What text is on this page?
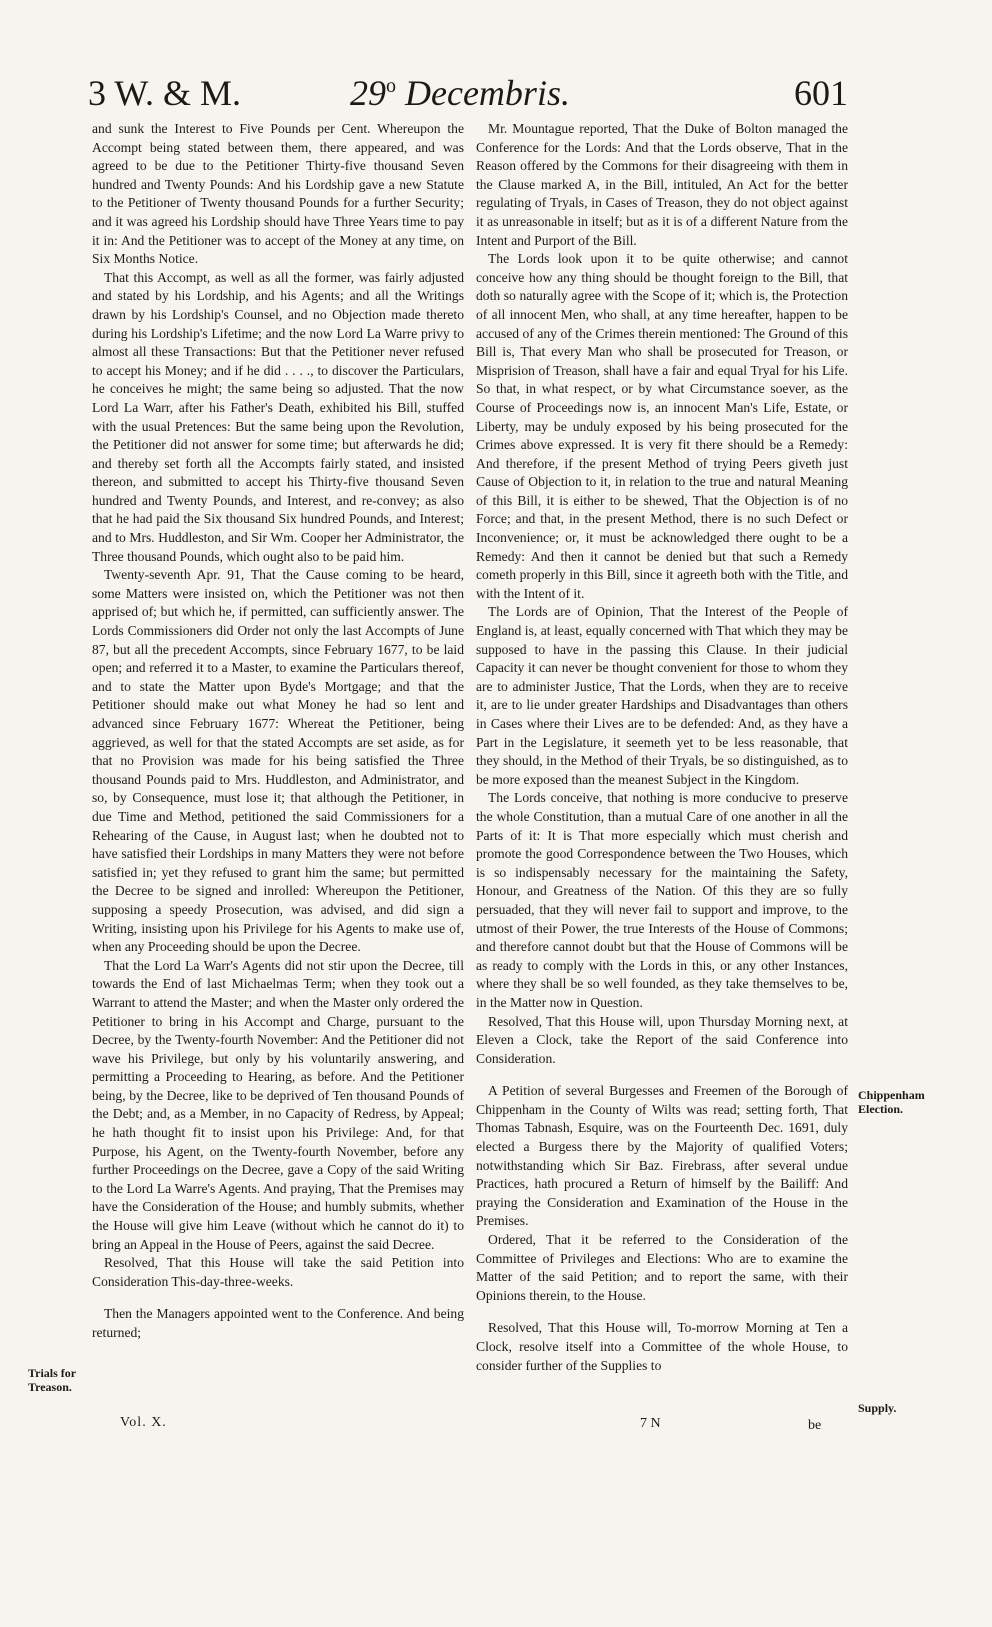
3 W. & M.	29$^o$ Decembris.	601

and sunk the Interest to Five Pounds per Cent. Whereupon the Accompt being stated between them, there appeared, and was agreed to be due to the Petitioner Thirty-five thousand Seven hundred and Twenty Pounds: And his Lordship gave a new Statute to the Petitioner of Twenty thousand Pounds for a further Security; and it was agreed his Lordship should have Three Years time to pay it in: And the Petitioner was to accept of the Money at any time, on Six Months Notice.

That this Accompt, as well as all the former, was fairly adjusted and stated by his Lordship, and his Agents; and all the Writings drawn by his Lordship's Counsel, and no Objection made thereto during his Lordship's Lifetime; and the now Lord La Warre privy to almost all these Transactions: But that the Petitioner never refused to accept his Money; and if he did . . . ., to discover the Particulars, he conceives he might; the same being so adjusted. That the now Lord La Warr, after his Father's Death, exhibited his Bill, stuffed with the usual Pretences: But the same being upon the Revolution, the Petitioner did not answer for some time; but afterwards he did; and thereby set forth all the Accompts fairly stated, and insisted thereon, and submitted to accept his Thirty-five thousand Seven hundred and Twenty Pounds, and Interest, and re-convey; as also that he had paid the Six thousand Six hundred Pounds, and Interest; and to Mrs. Huddleston, and Sir Wm. Cooper her Administrator, the Three thousand Pounds, which ought also to be paid him.

Twenty-seventh Apr. 91, That the Cause coming to be heard, some Matters were insisted on, which the Petitioner was not then apprised of; but which he, if permitted, can sufficiently answer. The Lords Commissioners did Order not only the last Accompts of June 87, but all the precedent Accompts, since February 1677, to be laid open; and referred it to a Master, to examine the Particulars thereof, and to state the Matter upon Byde's Mortgage; and that the Petitioner should make out what Money he had so lent and advanced since February 1677: Whereat the Petitioner, being aggrieved, as well for that the stated Accompts are set aside, as for that no Provision was made for his being satisfied the Three thousand Pounds paid to Mrs. Huddleston, and Administrator, and so, by Consequence, must lose it; that although the Petitioner, in due Time and Method, petitioned the said Commissioners for a Rehearing of the Cause, in August last; when he doubted not to have satisfied their Lordships in many Matters they were not before satisfied in; yet they refused to grant him the same; but permitted the Decree to be signed and inrolled: Whereupon the Petitioner, supposing a speedy Prosecution, was advised, and did sign a Writing, insisting upon his Privilege for his Agents to make use of, when any Proceeding should be upon the Decree.

That the Lord La Warr's Agents did not stir upon the Decree, till towards the End of last Michaelmas Term; when they took out a Warrant to attend the Master; and when the Master only ordered the Petitioner to bring in his Accompt and Charge, pursuant to the Decree, by the Twenty-fourth November: And the Petitioner did not wave his Privilege, but only by his voluntarily answering, and permitting a Proceeding to Hearing, as before. And the Petitioner being, by the Decree, like to be deprived of Ten thousand Pounds of the Debt; and, as a Member, in no Capacity of Redress, by Appeal; he hath thought fit to insist upon his Privilege: And, for that Purpose, his Agent, on the Twenty-fourth November, before any further Proceedings on the Decree, gave a Copy of the said Writing to the Lord La Warre's Agents. And praying, That the Premises may have the Consideration of the House; and humbly submits, whether the House will give him Leave (without which he cannot do it) to bring an Appeal in the House of Peers, against the said Decree.

Resolved, That this House will take the said Petition into Consideration This-day-three-weeks.

Then the Managers appointed went to the Conference. And being returned;

Mr. Mountague reported, That the Duke of Bolton managed the Conference for the Lords: And that the Lords observe, That in the Reason offered by the Commons for their disagreeing with them in the Clause marked A, in the Bill, intituled, An Act for the better regulating of Tryals, in Cases of Treason, they do not object against it as unreasonable in itself; but as it is of a different Nature from the Intent and Purport of the Bill.

The Lords look upon it to be quite otherwise; and cannot conceive how any thing should be thought foreign to the Bill, that doth so naturally agree with the Scope of it; which is, the Protection of all innocent Men, who shall, at any time hereafter, happen to be accused of any of the Crimes therein mentioned: The Ground of this Bill is, That every Man who shall be prosecuted for Treason, or Misprision of Treason, shall have a fair and equal Tryal for his Life. So that, in what respect, or by what Circumstance soever, as the Course of Proceedings now is, an innocent Man's Life, Estate, or Liberty, may be unduly exposed by his being prosecuted for the Crimes above expressed. It is very fit there should be a Remedy: And therefore, if the present Method of trying Peers giveth just Cause of Objection to it, in relation to the true and natural Meaning of this Bill, it is either to be shewed, That the Objection is of no Force; and that, in the present Method, there is no such Defect or Inconvenience; or, it must be acknowledged there ought to be a Remedy: And then it cannot be denied but that such a Remedy cometh properly in this Bill, since it agreeth both with the Title, and with the Intent of it.

The Lords are of Opinion, That the Interest of the People of England is, at least, equally concerned with That which they may be supposed to have in the passing this Clause. In their judicial Capacity it can never be thought convenient for those to whom they are to administer Justice, That the Lords, when they are to receive it, are to lie under greater Hardships and Disadvantages than others in Cases where their Lives are to be defended: And, as they have a Part in the Legislature, it seemeth yet to be less reasonable, that they should, in the Method of their Tryals, be so distinguished, as to be more exposed than the meanest Subject in the Kingdom.

The Lords conceive, that nothing is more conducive to preserve the whole Constitution, than a mutual Care of one another in all the Parts of it: It is That more especially which must cherish and promote the good Correspondence between the Two Houses, which is so indispensably necessary for the maintaining the Safety, Honour, and Greatness of the Nation. Of this they are so fully persuaded, that they will never fail to support and improve, to the utmost of their Power, the true Interests of the House of Commons; and therefore cannot doubt but that the House of Commons will be as ready to comply with the Lords in this, or any other Instances, where they shall be so well founded, as they take themselves to be, in the Matter now in Question.

Resolved, That this House will, upon Thursday Morning next, at Eleven a Clock, take the Report of the said Conference into Consideration.

A Petition of several Burgesses and Freemen of the Borough of Chippenham in the County of Wilts was read; setting forth, That Thomas Tabnash, Esquire, was on the Fourteenth Dec. 1691, duly elected a Burgess there by the Majority of qualified Voters; notwithstanding which Sir Baz. Firebrass, after several undue Practices, hath procured a Return of himself by the Bailiff: And praying the Consideration and Examination of the House in the Premises.

Ordered, That it be referred to the Consideration of the Committee of Privileges and Elections: Who are to examine the Matter of the said Petition; and to report the same, with their Opinions therein, to the House.

Resolved, That this House will, To-morrow Morning at Ten a Clock, resolve itself into a Committee of the whole House, to consider further of the Supplies to

Trials for Treason.
Chippenham Election.
Supply.
Vol. X.	7 N	be
